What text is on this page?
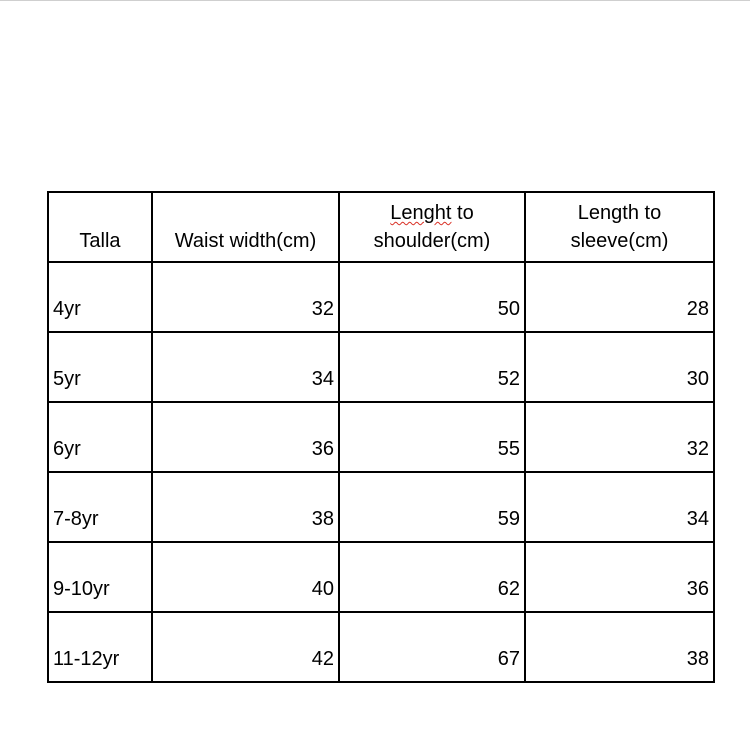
Talla	Waist width(cm)	Lenght to shoulder(cm)	Length to sleeve(cm)
4yr	32	50	28
5yr	34	52	30
6yr	36	55	32
7-8yr	38	59	34
9-10yr	40	62	36
11-12yr	42	67	38
